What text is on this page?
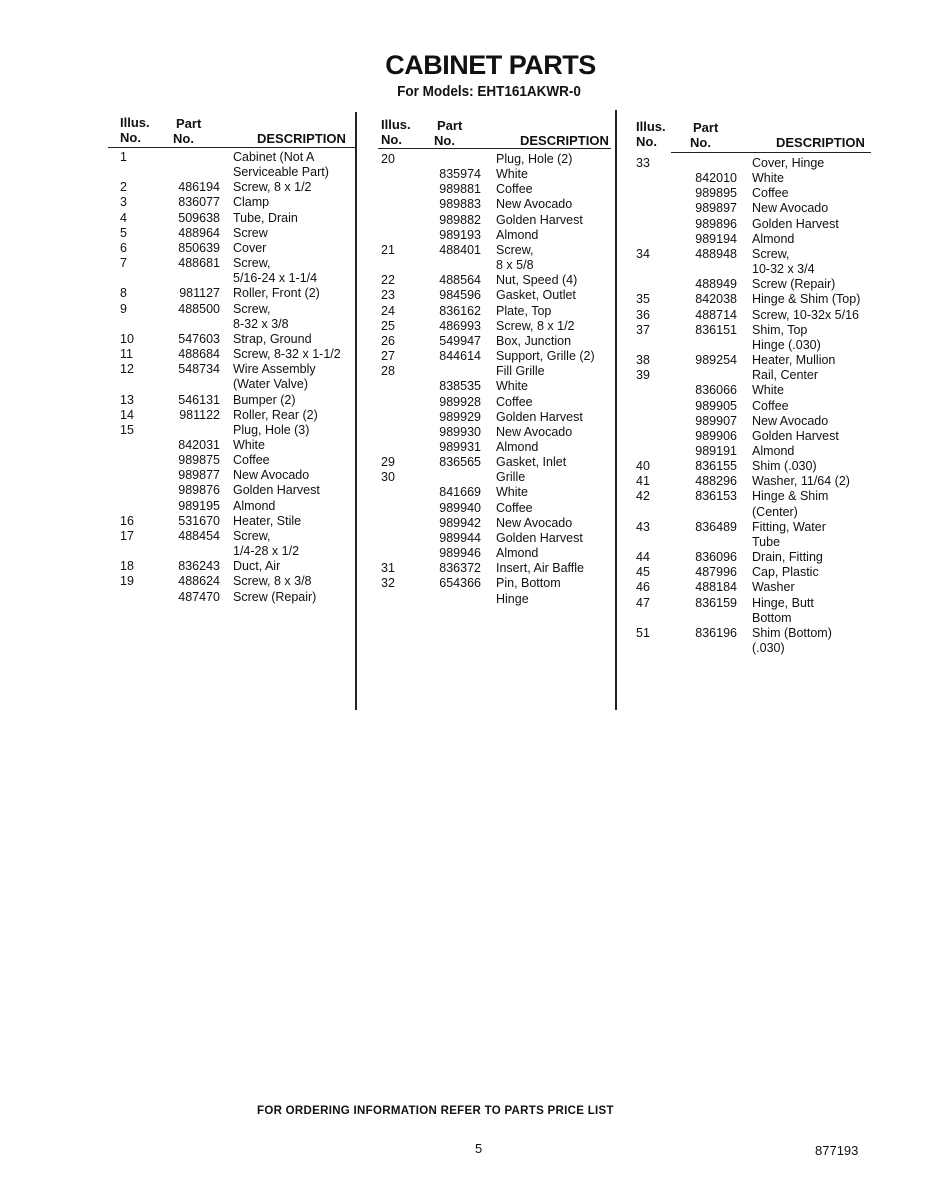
CABINET PARTS
For Models: EHT161AKWR-0
Illus.
No.
Part
No.	DESCRIPTION
1	Cabinet (Not A
Serviceable Part)
2	486194 Screw, 8 x 1/2
3	836077 Clamp
4	509638 Tube, Drain
5	488964 Screw
6	850639 Cover
7	488681 Screw,
5/16-24 x 1-1/4
8	981127 Roller, Front (2)
9	488500 Screw,
8-32 x 3/8
10	547603 Strap, Ground
11	488684 Screw, 8-32 x 1-1/2
12	548734 Wire Assembly
(Water Valve)
13	546131 Bumper (2)
14	981122 Roller, Rear (2)
15	Plug, Hole (3)
842031 White
989875 Coffee
989877 New Avocado
989876 Golden Harvest
989195 Almond
16	531670 Heater, Stile
17	488454 Screw,
1/4-28 x 1/2
18	836243 Duct, Air
19	488624 Screw, 8 x 3/8
487470 Screw (Repair)
Illus.
No.
Part
No.	DESCRIPTION
20	Plug, Hole (2)
835974 White
989881 Coffee
989883 New Avocado
989882 Golden Harvest
989193 Almond
21	488401 Screw,
8 x 5/8
22	488564 Nut, Speed (4)
23	984596 Gasket, Outlet
24	836162 Plate, Top
25	486993 Screw, 8 x 1/2
26	549947 Box, Junction
27	844614 Support, Grille (2)
28	Fill Grille
838535 White
989928 Coffee
989929 Golden Harvest
989930 New Avocado
989931 Almond
29	836565 Gasket, Inlet
30	Grille
841669 White
989940 Coffee
989942 New Avocado
989944 Golden Harvest
989946 Almond
31	836372 Insert, Air Baffle
32	654366 Pin, Bottom
Hinge
Illus.
No.
Part
No.	DESCRIPTION
33	Cover, Hinge
842010 White
989895 Coffee
989897 New Avocado
989896 Golden Harvest
989194 Almond
34	488948 Screw,
10-32 x 3/4
488949 Screw (Repair)
35	842038 Hinge & Shim (Top)
36	488714 Screw, 10-32x 5/16
37	836151 Shim, Top
Hinge (.030)
38	989254 Heater, Mullion
39	Rail, Center
836066 White
989905 Coffee
989907 New Avocado
989906 Golden Harvest
989191 Almond
40	836155 Shim (.030)
41	488296 Washer, 11/64 (2)
42	836153 Hinge & Shim
(Center)
43	836489 Fitting, Water
Tube
44	836096 Drain, Fitting
45	487996 Cap, Plastic
46	488184 Washer
47	836159 Hinge, Butt
Bottom
51	836196 Shim (Bottom)
(.030)
FOR ORDERING INFORMATION REFER TO PARTS PRICE LIST
5	877193
